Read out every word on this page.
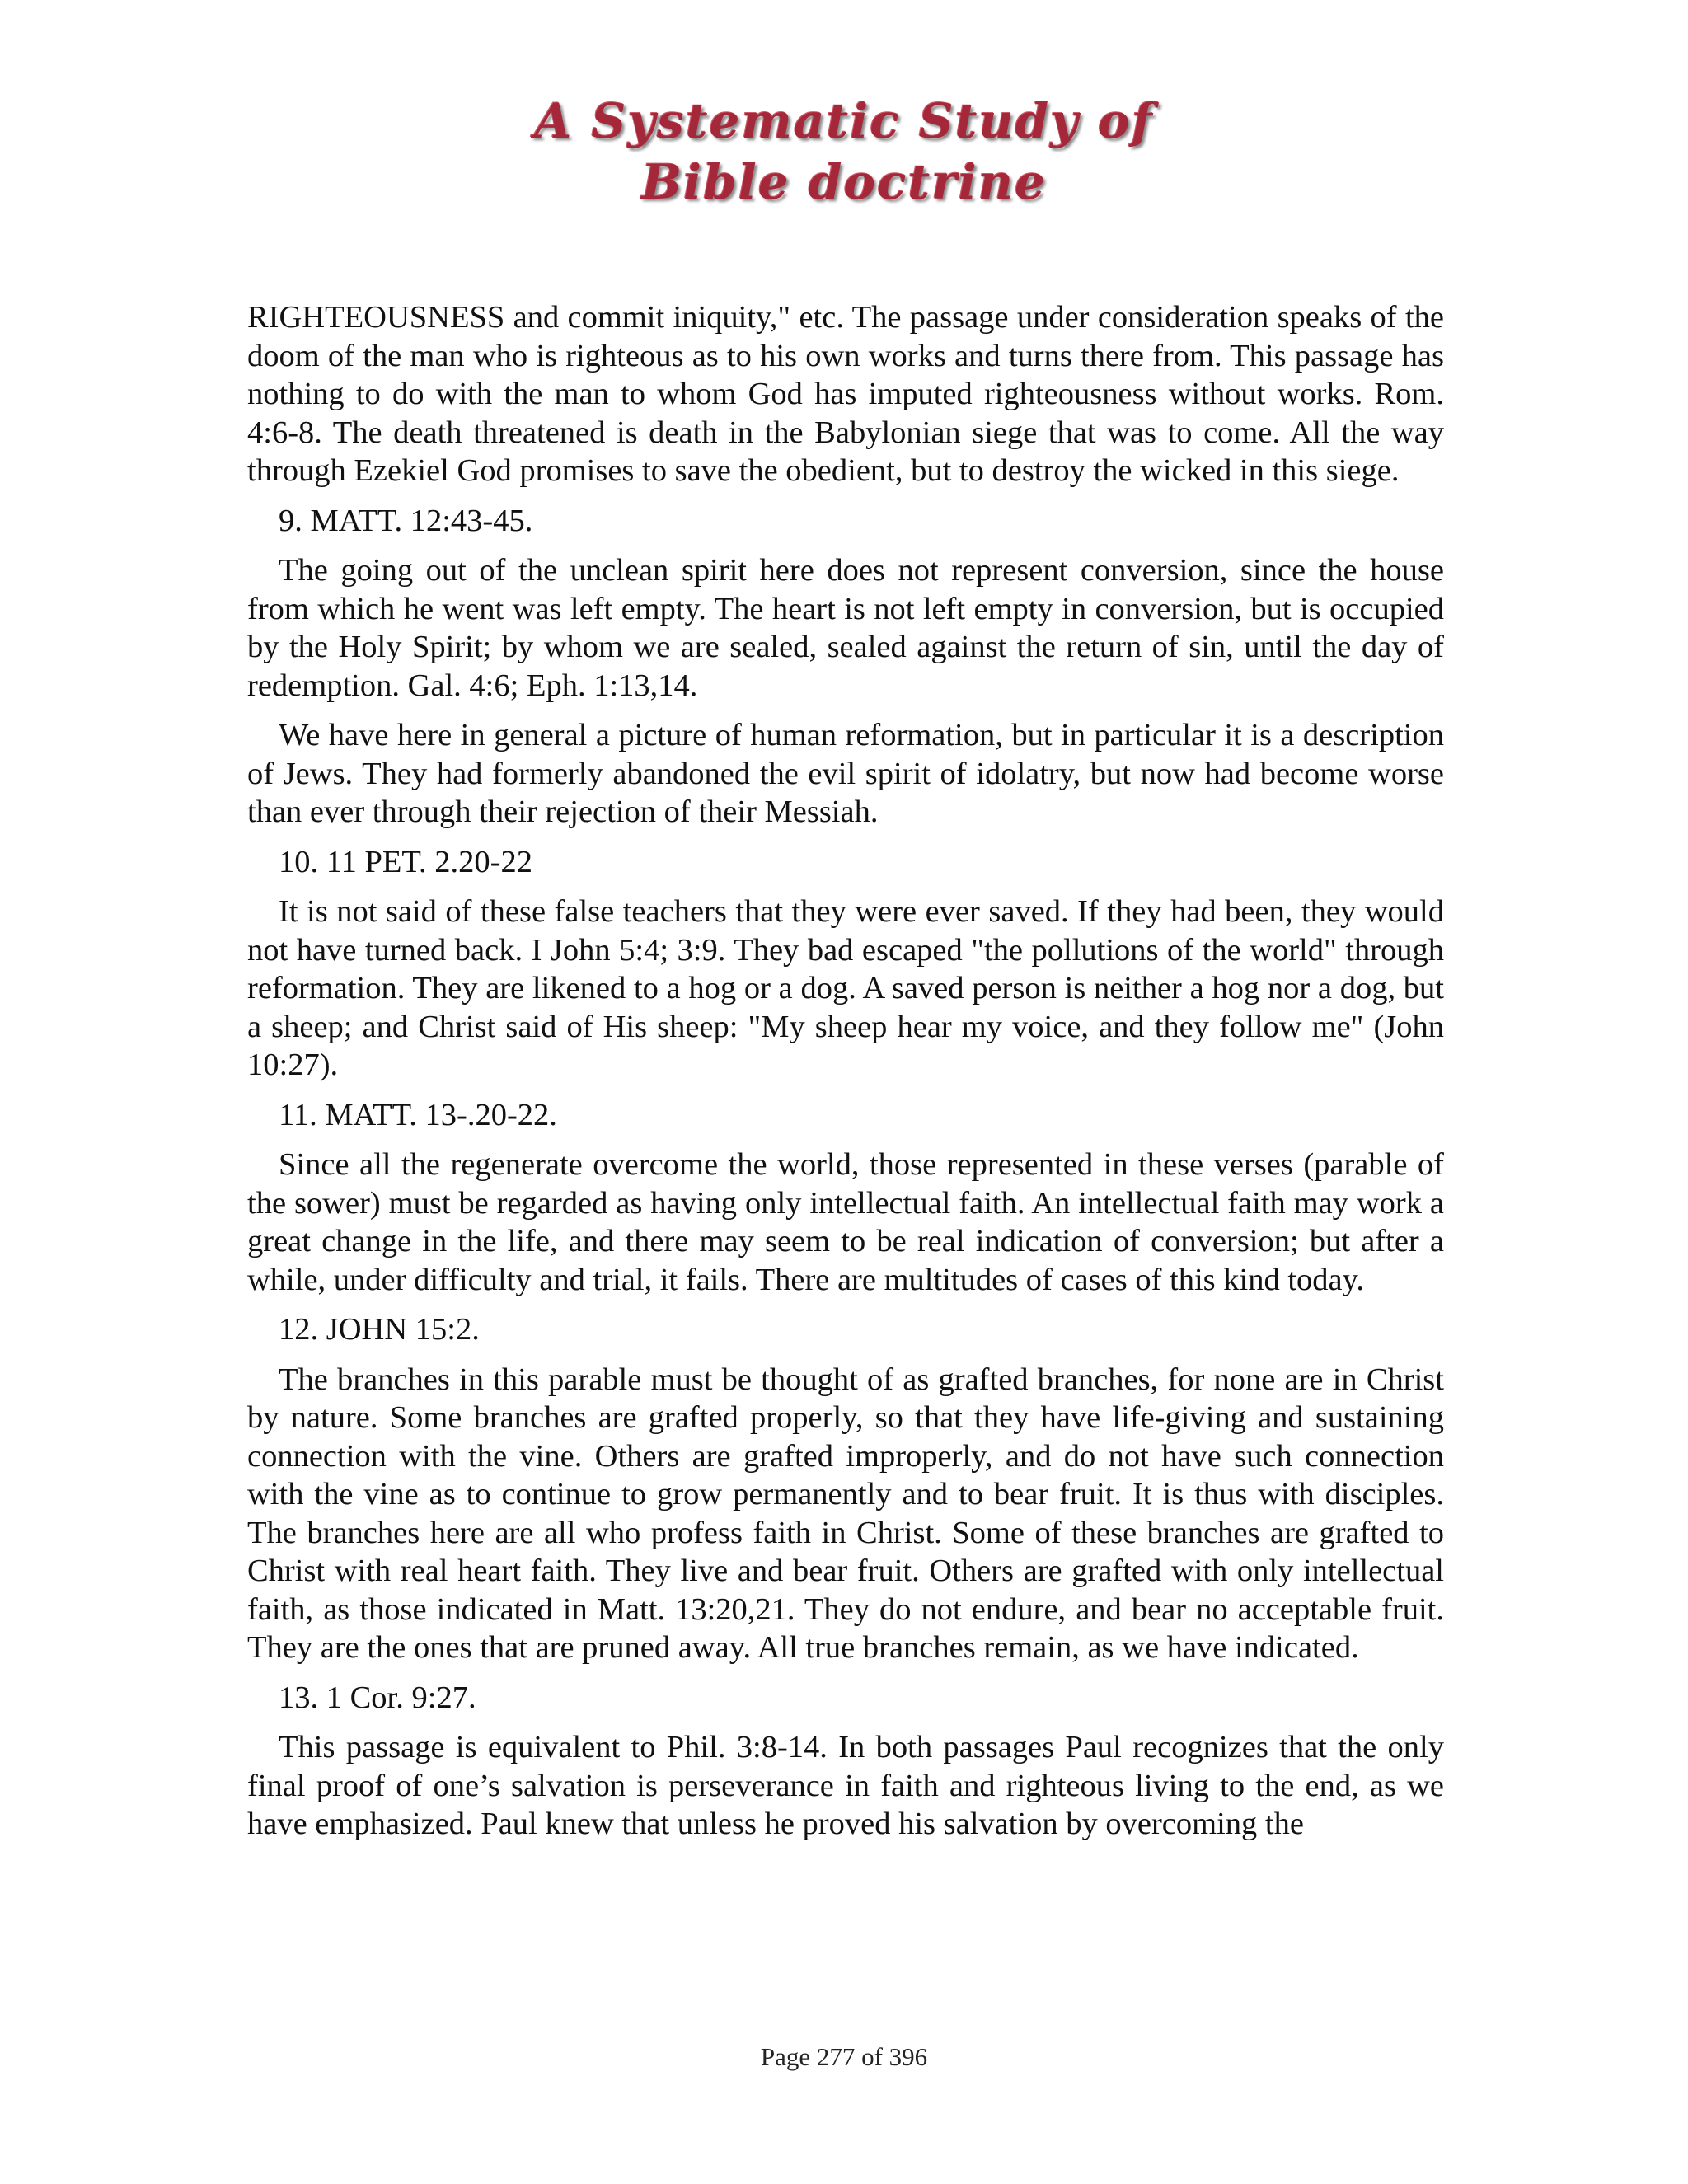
A Systematic Study of
Bible doctrine

RIGHTEOUSNESS and commit iniquity," etc. The passage under consideration speaks of the doom of the man who is righteous as to his own works and turns there from. This passage has nothing to do with the man to whom God has imputed righteousness without works. Rom. 4:6-8. The death threatened is death in the Babylonian siege that was to come. All the way through Ezekiel God promises to save the obedient, but to destroy the wicked in this siege.

9. MATT. 12:43-45.

The going out of the unclean spirit here does not represent conversion, since the house from which he went was left empty. The heart is not left empty in conversion, but is occupied by the Holy Spirit; by whom we are sealed, sealed against the return of sin, until the day of redemption. Gal. 4:6; Eph. 1:13,14.

We have here in general a picture of human reformation, but in particular it is a description of Jews. They had formerly abandoned the evil spirit of idolatry, but now had become worse than ever through their rejection of their Messiah.

10. 11 PET. 2.20-22

It is not said of these false teachers that they were ever saved. If they had been, they would not have turned back. I John 5:4; 3:9. They bad escaped "the pollutions of the world" through reformation. They are likened to a hog or a dog. A saved person is neither a hog nor a dog, but a sheep; and Christ said of His sheep: "My sheep hear my voice, and they follow me" (John 10:27).

11. MATT. 13-.20-22.

Since all the regenerate overcome the world, those represented in these verses (parable of the sower) must be regarded as having only intellectual faith. An intellectual faith may work a great change in the life, and there may seem to be real indication of conversion; but after a while, under difficulty and trial, it fails. There are multitudes of cases of this kind today.

12. JOHN 15:2.

The branches in this parable must be thought of as grafted branches, for none are in Christ by nature. Some branches are grafted properly, so that they have life-giving and sustaining connection with the vine. Others are grafted improperly, and do not have such connection with the vine as to continue to grow permanently and to bear fruit. It is thus with disciples. The branches here are all who profess faith in Christ. Some of these branches are grafted to Christ with real heart faith. They live and bear fruit. Others are grafted with only intellectual faith, as those indicated in Matt. 13:20,21. They do not endure, and bear no acceptable fruit. They are the ones that are pruned away. All true branches remain, as we have indicated.

13. 1 Cor. 9:27.

This passage is equivalent to Phil. 3:8-14. In both passages Paul recognizes that the only final proof of one’s salvation is perseverance in faith and righteous living to the end, as we have emphasized. Paul knew that unless he proved his salvation by overcoming the

Page 277 of 396
